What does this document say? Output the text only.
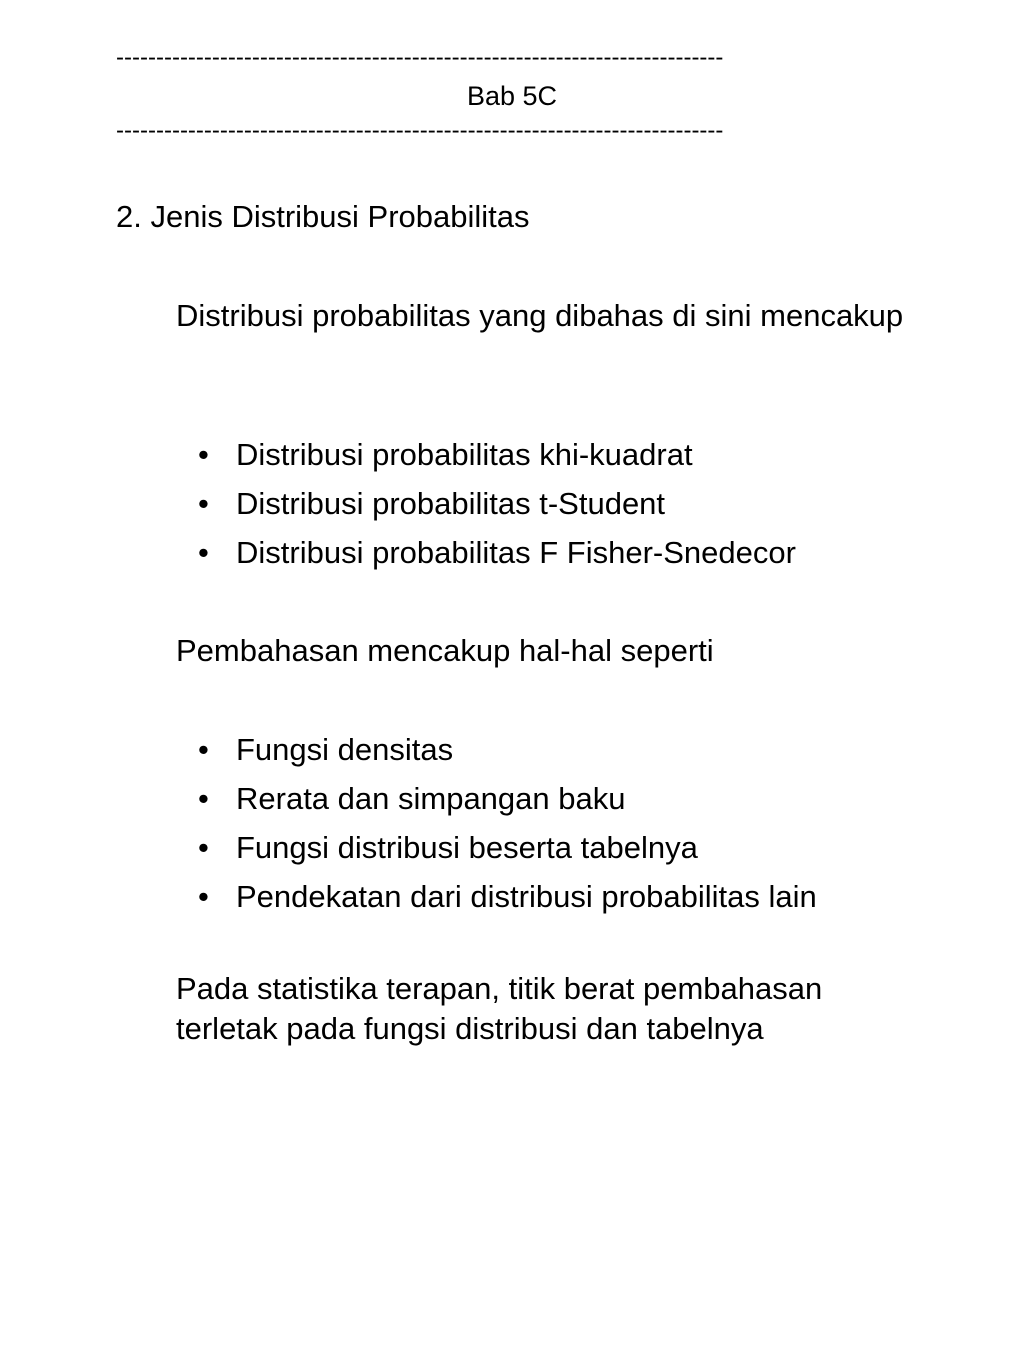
----------------------------------------------------------------------------
Bab 5C
----------------------------------------------------------------------------
2. Jenis Distribusi Probabilitas
Distribusi probabilitas yang dibahas di sini mencakup
• Distribusi probabilitas khi-kuadrat
• Distribusi probabilitas t-Student
• Distribusi probabilitas F Fisher-Snedecor
Pembahasan mencakup hal-hal seperti
• Fungsi densitas
• Rerata dan simpangan baku
• Fungsi distribusi beserta tabelnya
• Pendekatan dari distribusi probabilitas lain
Pada statistika terapan, titik berat pembahasan terletak pada fungsi distribusi dan tabelnya
